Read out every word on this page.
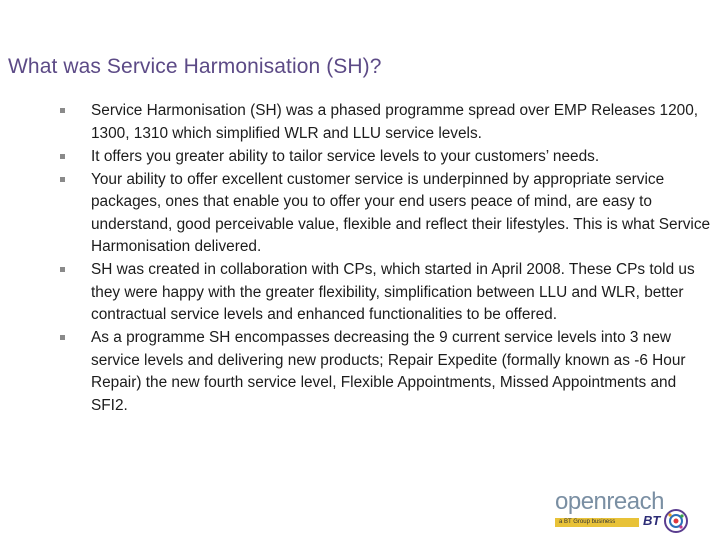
What was Service Harmonisation (SH)?
Service Harmonisation (SH) was a phased programme spread over EMP Releases 1200, 1300, 1310 which simplified WLR and LLU service levels.
It offers you greater ability to tailor service levels to your customers’ needs.
Your ability to offer excellent customer service is underpinned by appropriate service packages, ones that enable you to offer your end users peace of mind, are easy to understand, good perceivable value, flexible and reflect their lifestyles. This is what Service Harmonisation delivered.
SH was created in collaboration with CPs, which started in April 2008. These CPs told us they were happy with the greater flexibility, simplification between LLU and WLR, better contractual service levels and enhanced functionalities to be offered.
As a programme SH encompasses decreasing the 9 current service levels into 3 new service levels and delivering new products; Repair Expedite (formally known as -6 Hour Repair) the new fourth service level, Flexible Appointments, Missed Appointments and SFI2.
openreach
a BT Group business BT
